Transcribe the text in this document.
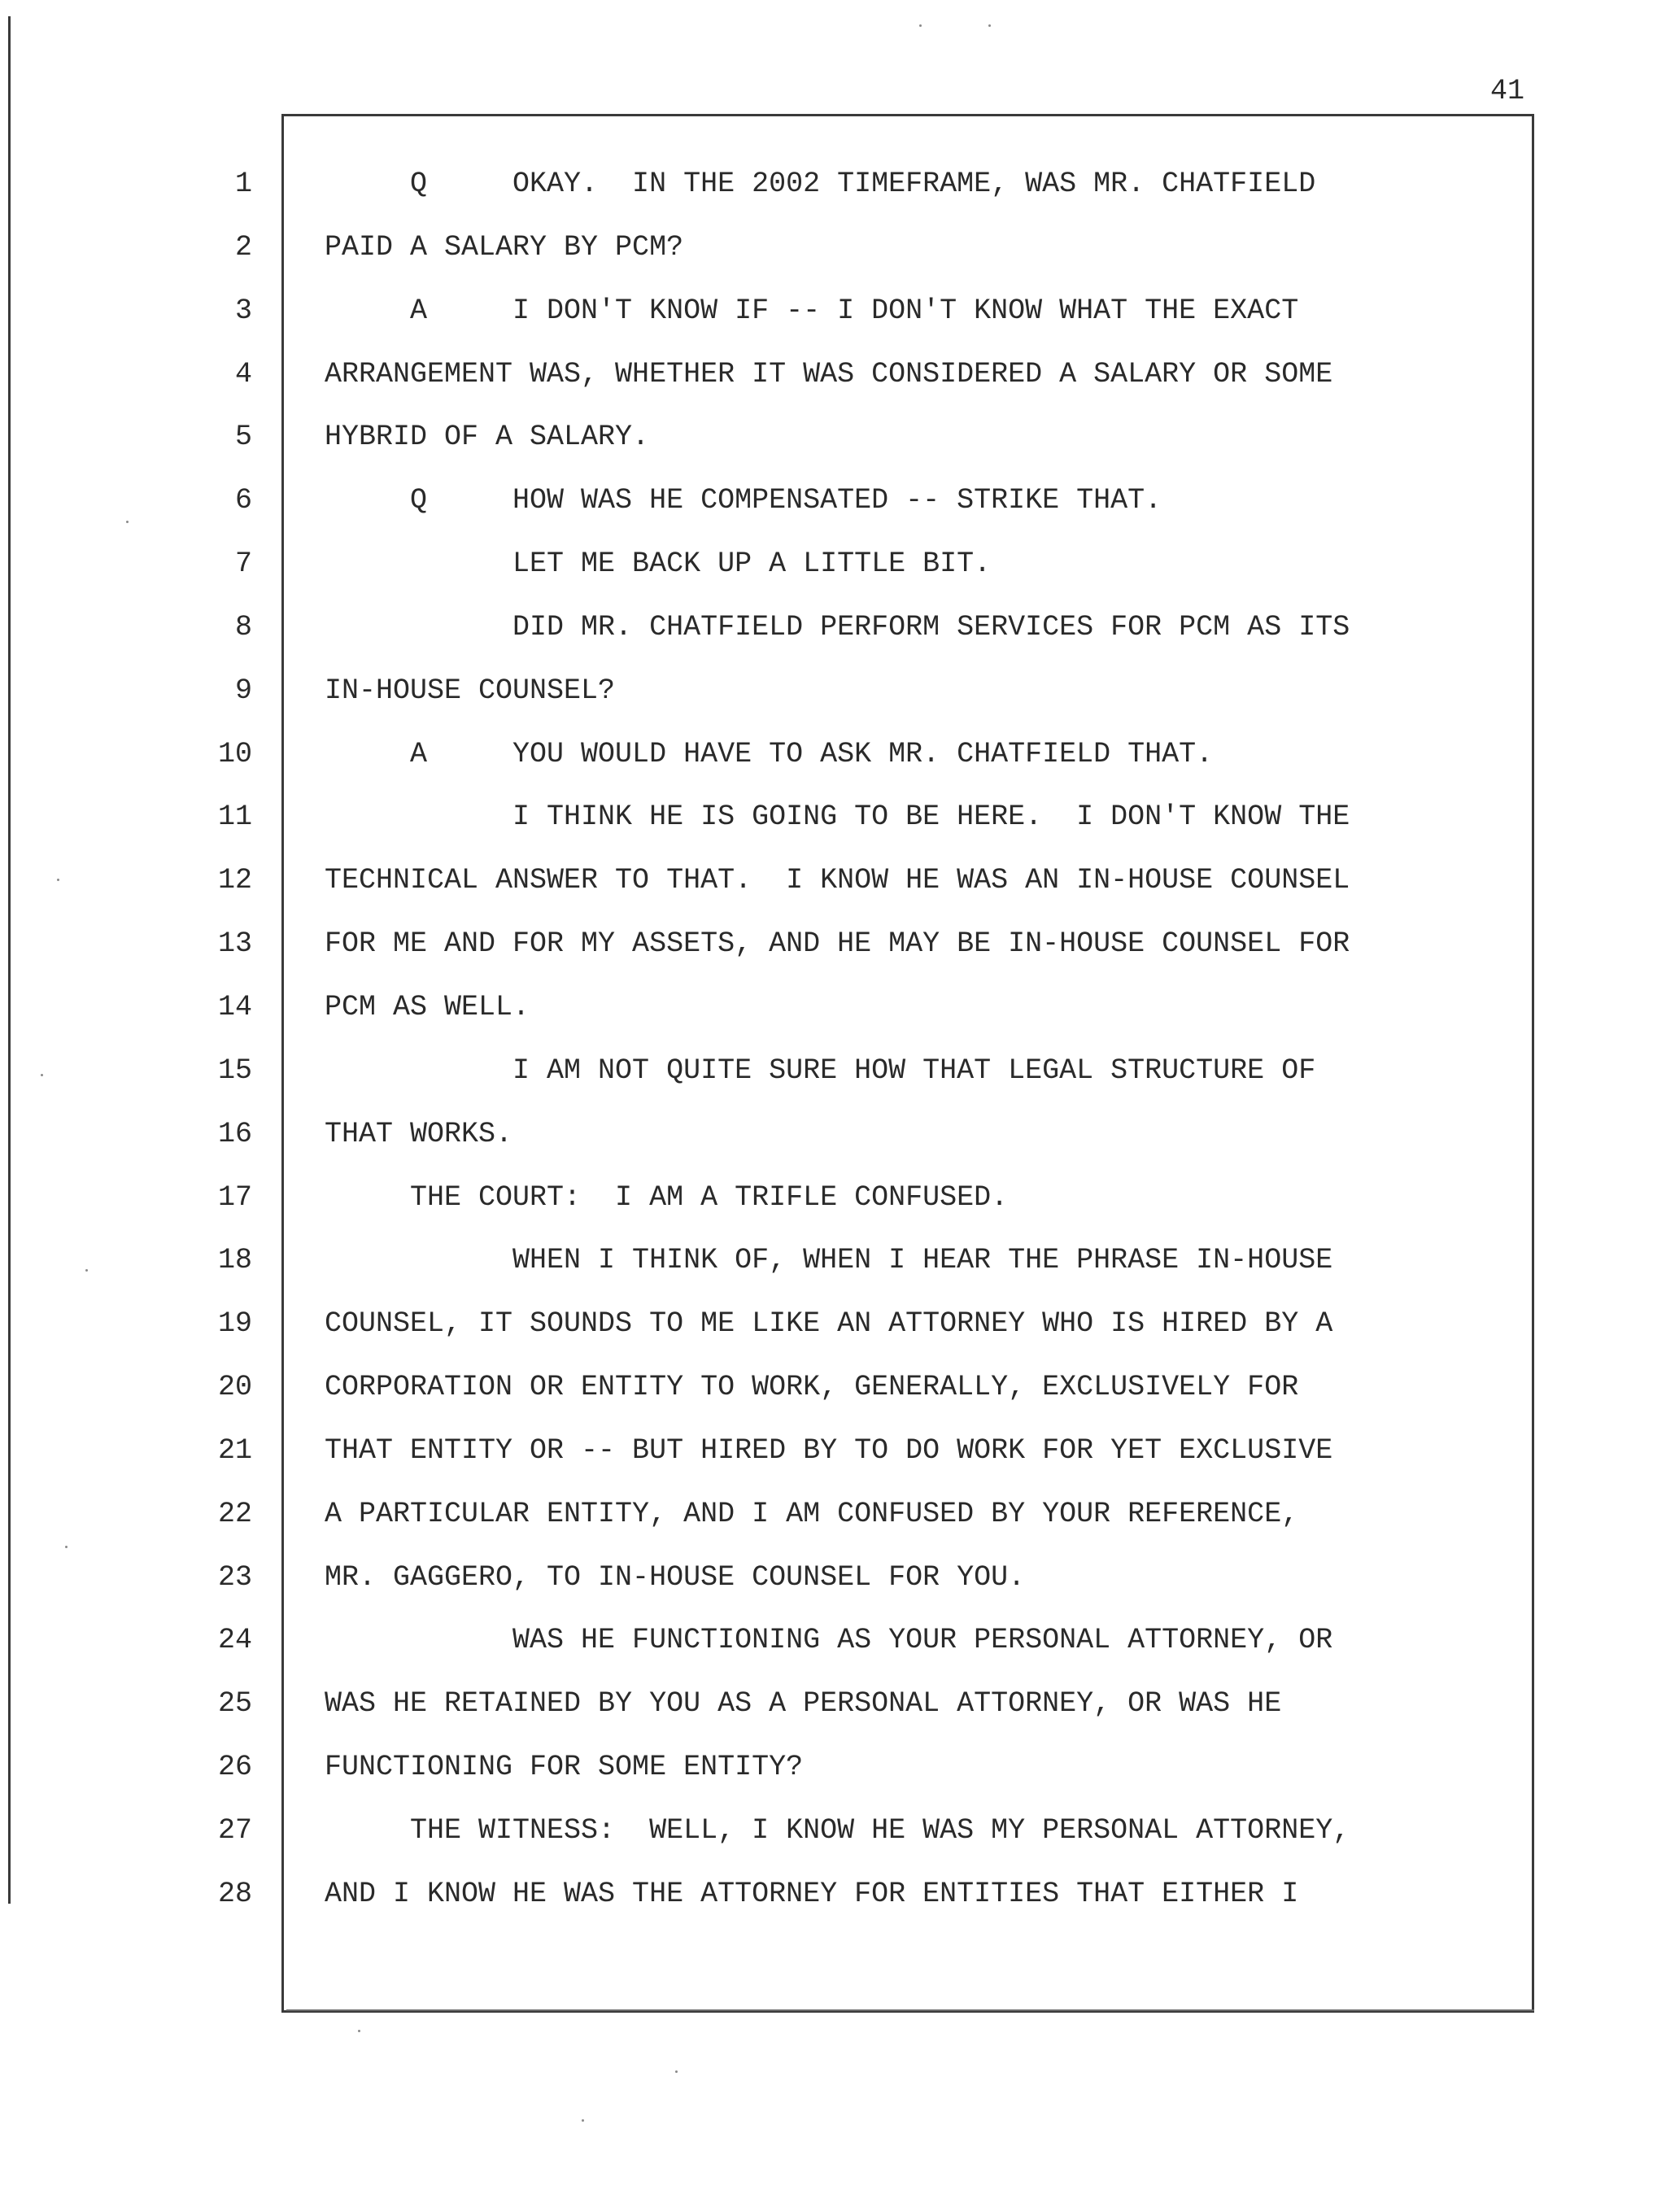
41
1
2
3
4
5
6
7
8
9
10
11
12
13
14
15
16
17
18
19
20
21
22
23
24
25
26
27
28
Q     OKAY.  IN THE 2002 TIMEFRAME, WAS MR. CHATFIELD
PAID A SALARY BY PCM?
A     I DON'T KNOW IF -- I DON'T KNOW WHAT THE EXACT
ARRANGEMENT WAS, WHETHER IT WAS CONSIDERED A SALARY OR SOME
HYBRID OF A SALARY.
Q     HOW WAS HE COMPENSATED -- STRIKE THAT.
LET ME BACK UP A LITTLE BIT.
DID MR. CHATFIELD PERFORM SERVICES FOR PCM AS ITS
IN-HOUSE COUNSEL?
A     YOU WOULD HAVE TO ASK MR. CHATFIELD THAT.
I THINK HE IS GOING TO BE HERE.  I DON'T KNOW THE
TECHNICAL ANSWER TO THAT.  I KNOW HE WAS AN IN-HOUSE COUNSEL
FOR ME AND FOR MY ASSETS, AND HE MAY BE IN-HOUSE COUNSEL FOR
PCM AS WELL.
I AM NOT QUITE SURE HOW THAT LEGAL STRUCTURE OF
THAT WORKS.
THE COURT:  I AM A TRIFLE CONFUSED.
WHEN I THINK OF, WHEN I HEAR THE PHRASE IN-HOUSE
COUNSEL, IT SOUNDS TO ME LIKE AN ATTORNEY WHO IS HIRED BY A
CORPORATION OR ENTITY TO WORK, GENERALLY, EXCLUSIVELY FOR
THAT ENTITY OR -- BUT HIRED BY TO DO WORK FOR YET EXCLUSIVE
A PARTICULAR ENTITY, AND I AM CONFUSED BY YOUR REFERENCE,
MR. GAGGERO, TO IN-HOUSE COUNSEL FOR YOU.
WAS HE FUNCTIONING AS YOUR PERSONAL ATTORNEY, OR
WAS HE RETAINED BY YOU AS A PERSONAL ATTORNEY, OR WAS HE
FUNCTIONING FOR SOME ENTITY?
THE WITNESS:  WELL, I KNOW HE WAS MY PERSONAL ATTORNEY,
AND I KNOW HE WAS THE ATTORNEY FOR ENTITIES THAT EITHER I
